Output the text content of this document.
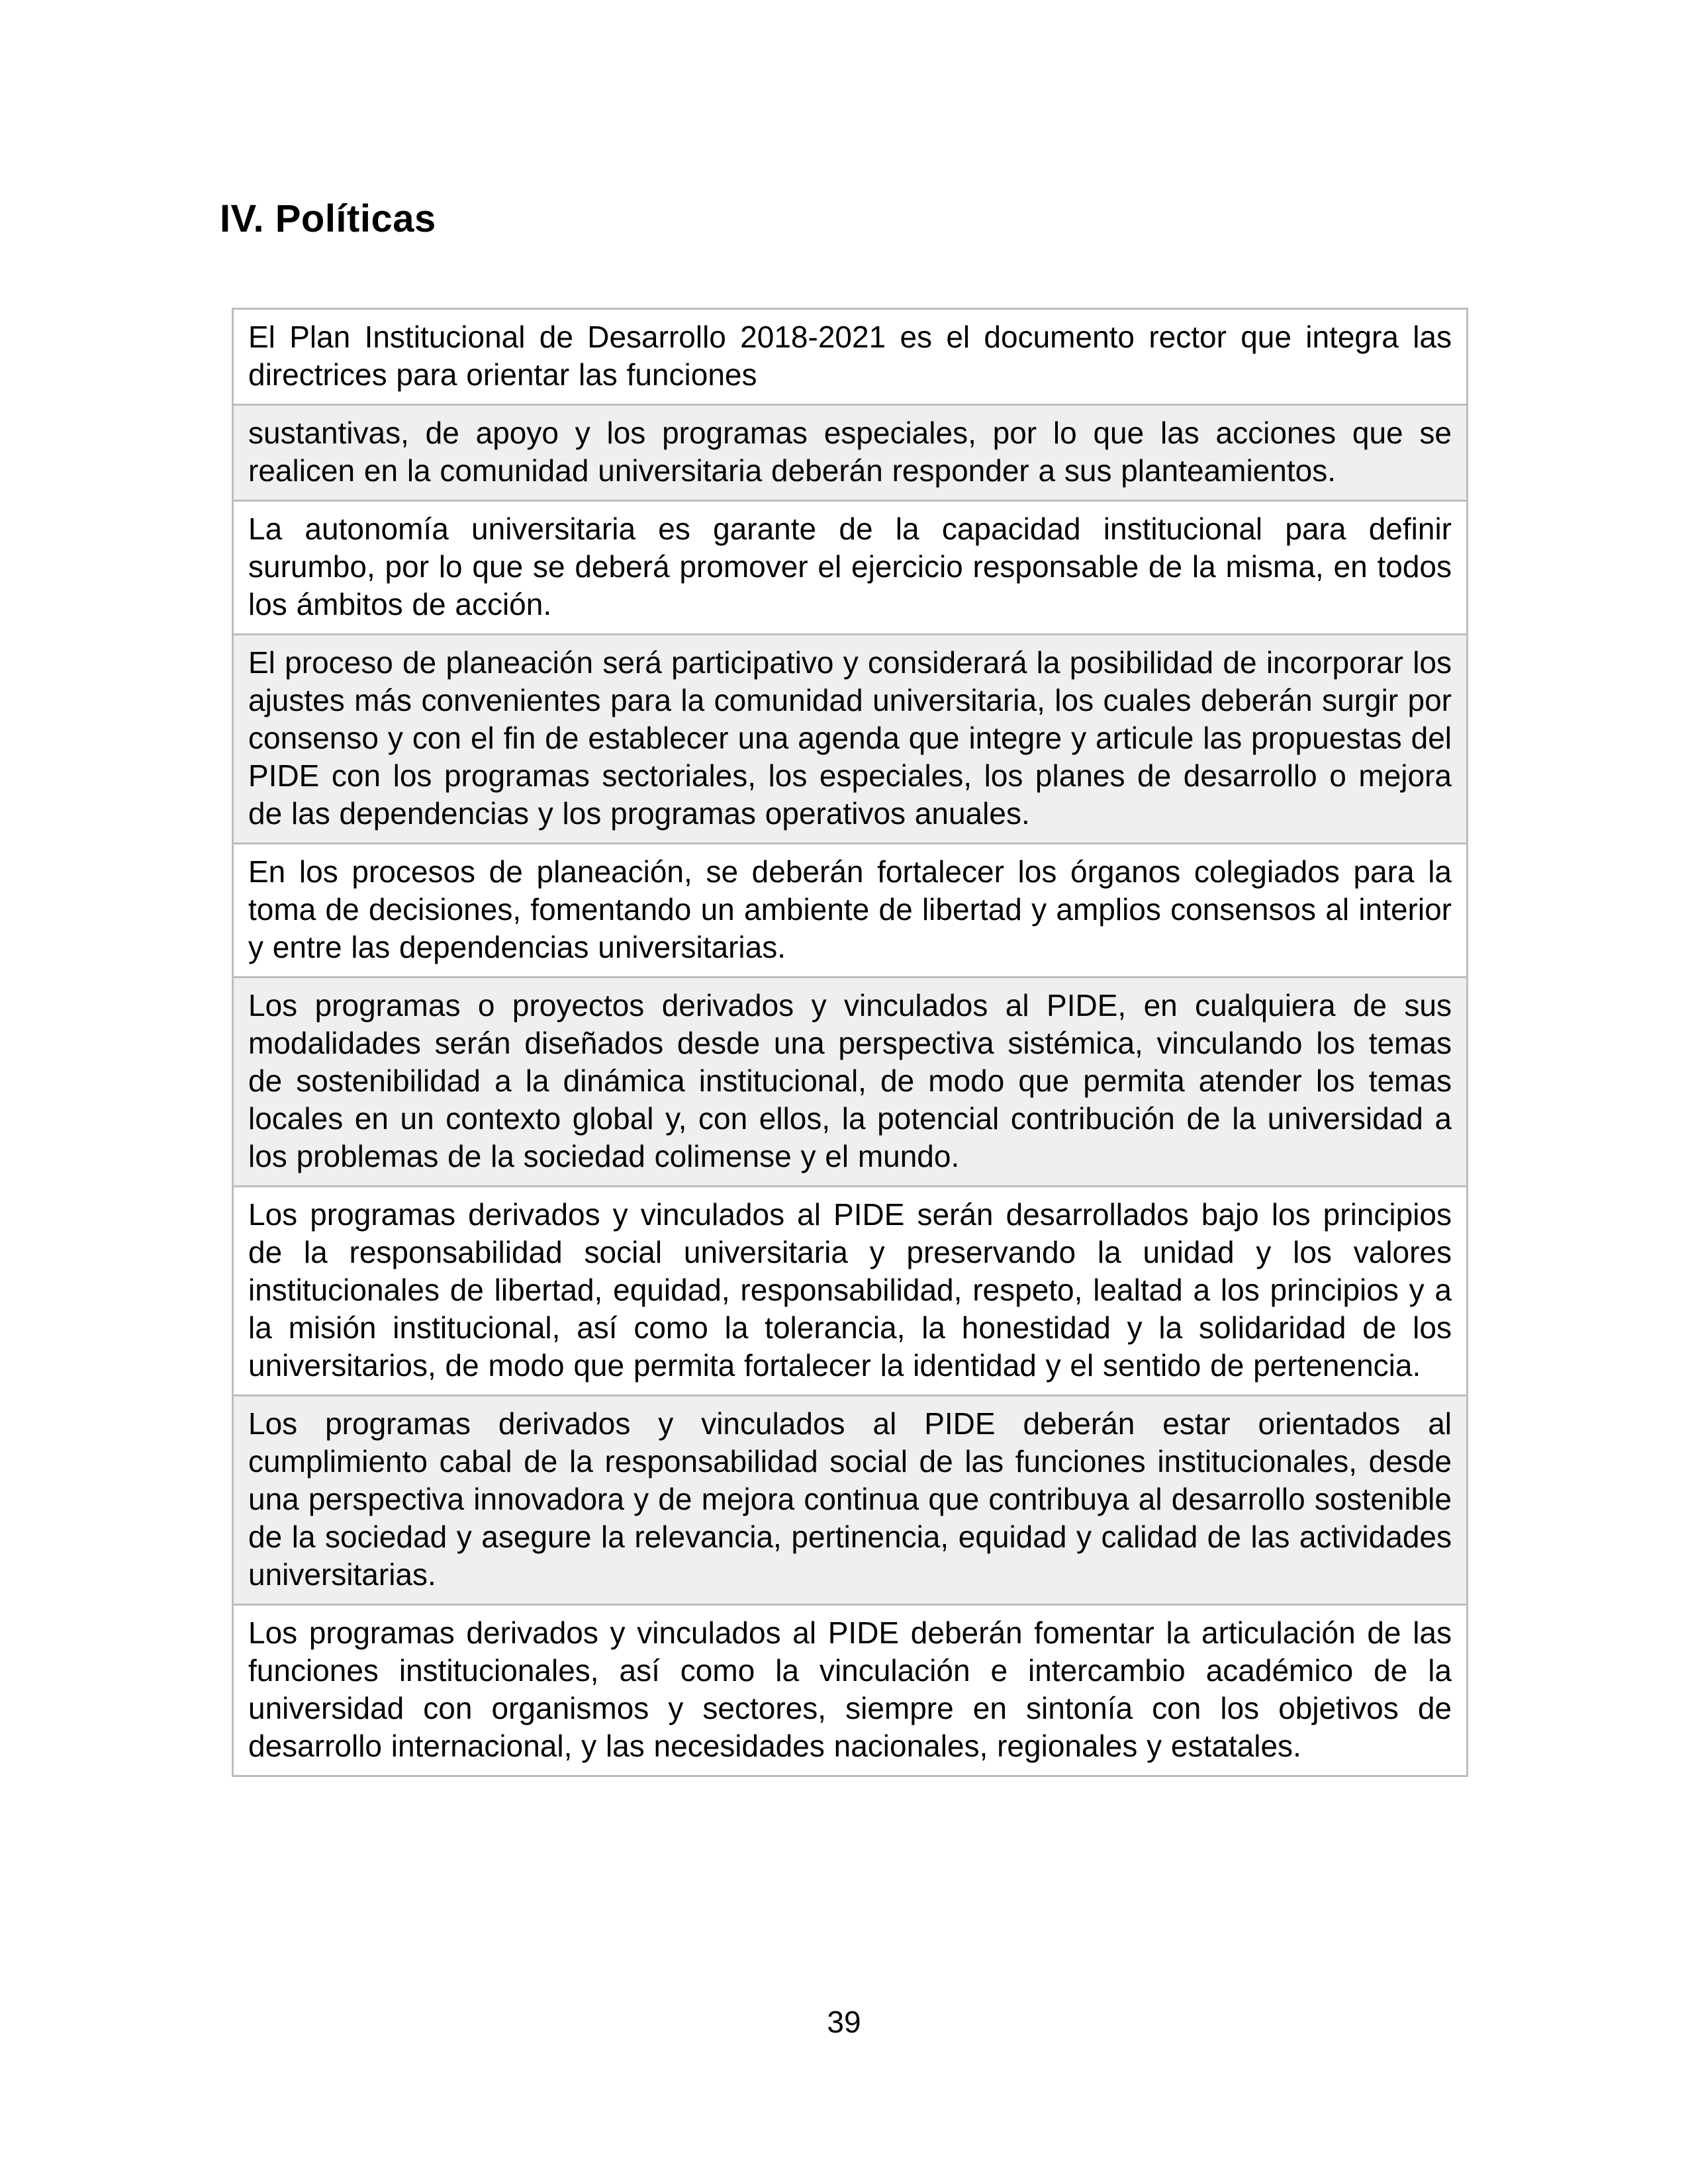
IV. Políticas
El Plan Institucional de Desarrollo 2018-2021 es el documento rector que integra las directrices para orientar las funciones
sustantivas, de apoyo y los programas especiales, por lo que las acciones que se realicen en la comunidad universitaria deberán responder a sus planteamientos.
La autonomía universitaria es garante de la capacidad institucional para definir surumbo, por lo que se deberá promover el ejercicio responsable de la misma, en todos los ámbitos de acción.
El proceso de planeación será participativo y considerará la posibilidad de incorporar los ajustes más convenientes para la comunidad universitaria, los cuales deberán surgir por consenso y con el fin de establecer una agenda que integre y articule las propuestas del PIDE con los programas sectoriales, los especiales, los planes de desarrollo o mejora de las dependencias y los programas operativos anuales.
En los procesos de planeación, se deberán fortalecer los órganos colegiados para la toma de decisiones, fomentando un ambiente de libertad y amplios consensos al interior y entre las dependencias universitarias.
Los programas o proyectos derivados y vinculados al PIDE, en cualquiera de sus modalidades serán diseñados desde una perspectiva sistémica, vinculando los temas de sostenibilidad a la dinámica institucional, de modo que permita atender los temas locales en un contexto global y, con ellos, la potencial contribución de la universidad a los problemas de la sociedad colimense y el mundo.
Los programas derivados y vinculados al PIDE serán desarrollados bajo los principios de la responsabilidad social universitaria y preservando la unidad y los valores institucionales de libertad, equidad, responsabilidad, respeto, lealtad a los principios y a la misión institucional, así como la tolerancia, la honestidad y la solidaridad de los universitarios, de modo que permita fortalecer la identidad y el sentido de pertenencia.
Los programas derivados y vinculados al PIDE deberán estar orientados al cumplimiento cabal de la responsabilidad social de las funciones institucionales, desde una perspectiva innovadora y de mejora continua que contribuya al desarrollo sostenible de la sociedad y asegure la relevancia, pertinencia, equidad y calidad de las actividades universitarias.
Los programas derivados y vinculados al PIDE deberán fomentar la articulación de las funciones institucionales, así como la vinculación e intercambio académico de la universidad con organismos y sectores, siempre en sintonía con los objetivos de desarrollo internacional, y las necesidades nacionales, regionales y estatales.
39
